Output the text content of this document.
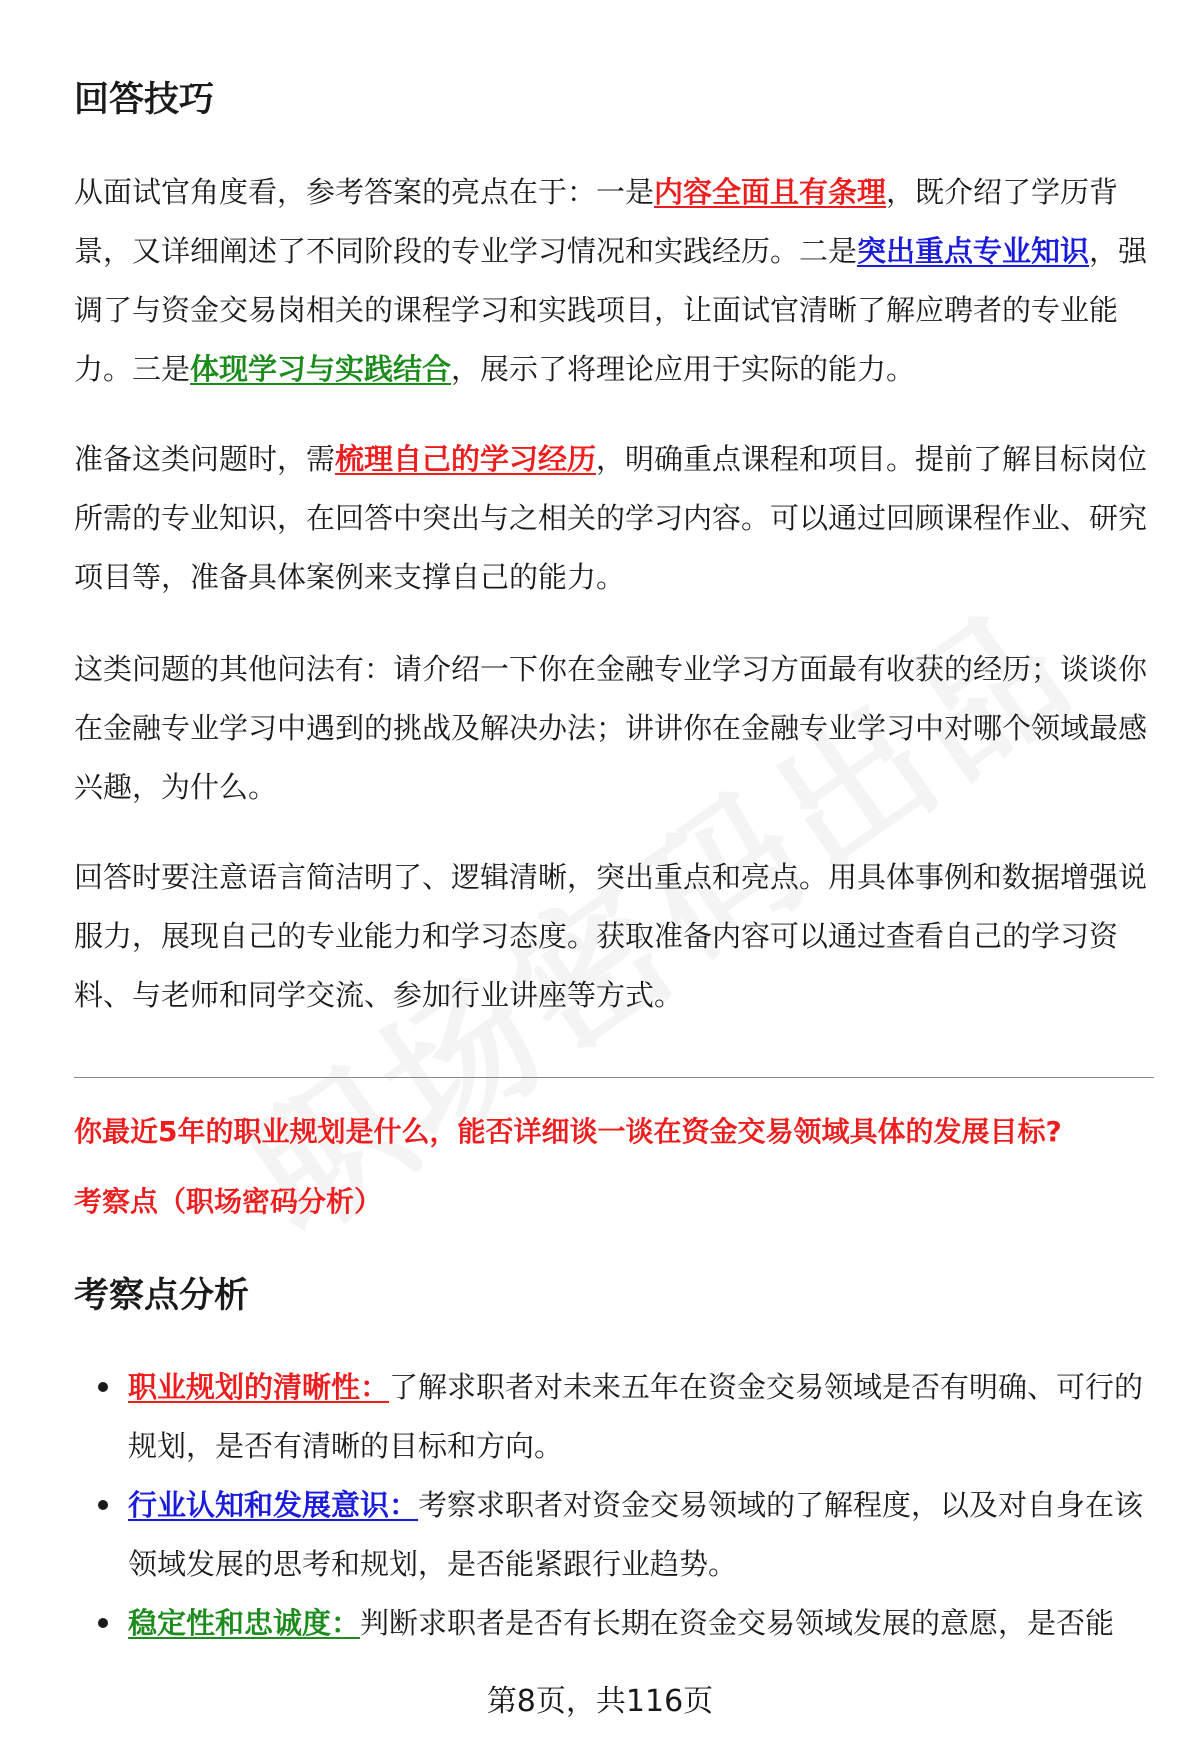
回答技巧

从面试官角度看，参考答案的亮点在于：一是内容全面且有条理，既介绍了学历背景，又详细阐述了不同阶段的专业学习情况和实践经历。二是突出重点专业知识，强调了与资金交易岗相关的课程学习和实践项目，让面试官清晰了解应聘者的专业能力。三是体现学习与实践结合，展示了将理论应用于实际的能力。

准备这类问题时，需梳理自己的学习经历，明确重点课程和项目。提前了解目标岗位所需的专业知识，在回答中突出与之相关的学习内容。可以通过回顾课程作业、研究项目等，准备具体案例来支撑自己的能力。

这类问题的其他问法有：请介绍一下你在金融专业学习方面最有收获的经历；谈谈你在金融专业学习中遇到的挑战及解决办法；讲讲你在金融专业学习中对哪个领域最感兴趣，为什么。

回答时要注意语言简洁明了、逻辑清晰，突出重点和亮点。用具体事例和数据增强说服力，展现自己的专业能力和学习态度。获取准备内容可以通过查看自己的学习资料、与老师和同学交流、参加行业讲座等方式。

你最近5年的职业规划是什么，能否详细谈一谈在资金交易领域具体的发展目标?

考察点（职场密码分析）

考察点分析
职业规划的清晰性：了解求职者对未来五年在资金交易领域是否有明确、可行的规划，是否有清晰的目标和方向。
行业认知和发展意识：考察求职者对资金交易领域的了解程度，以及对自身在该领域发展的思考和规划，是否能紧跟行业趋势。
稳定性和忠诚度：判断求职者是否有长期在资金交易领域发展的意愿，是否能
第8页，共116页
